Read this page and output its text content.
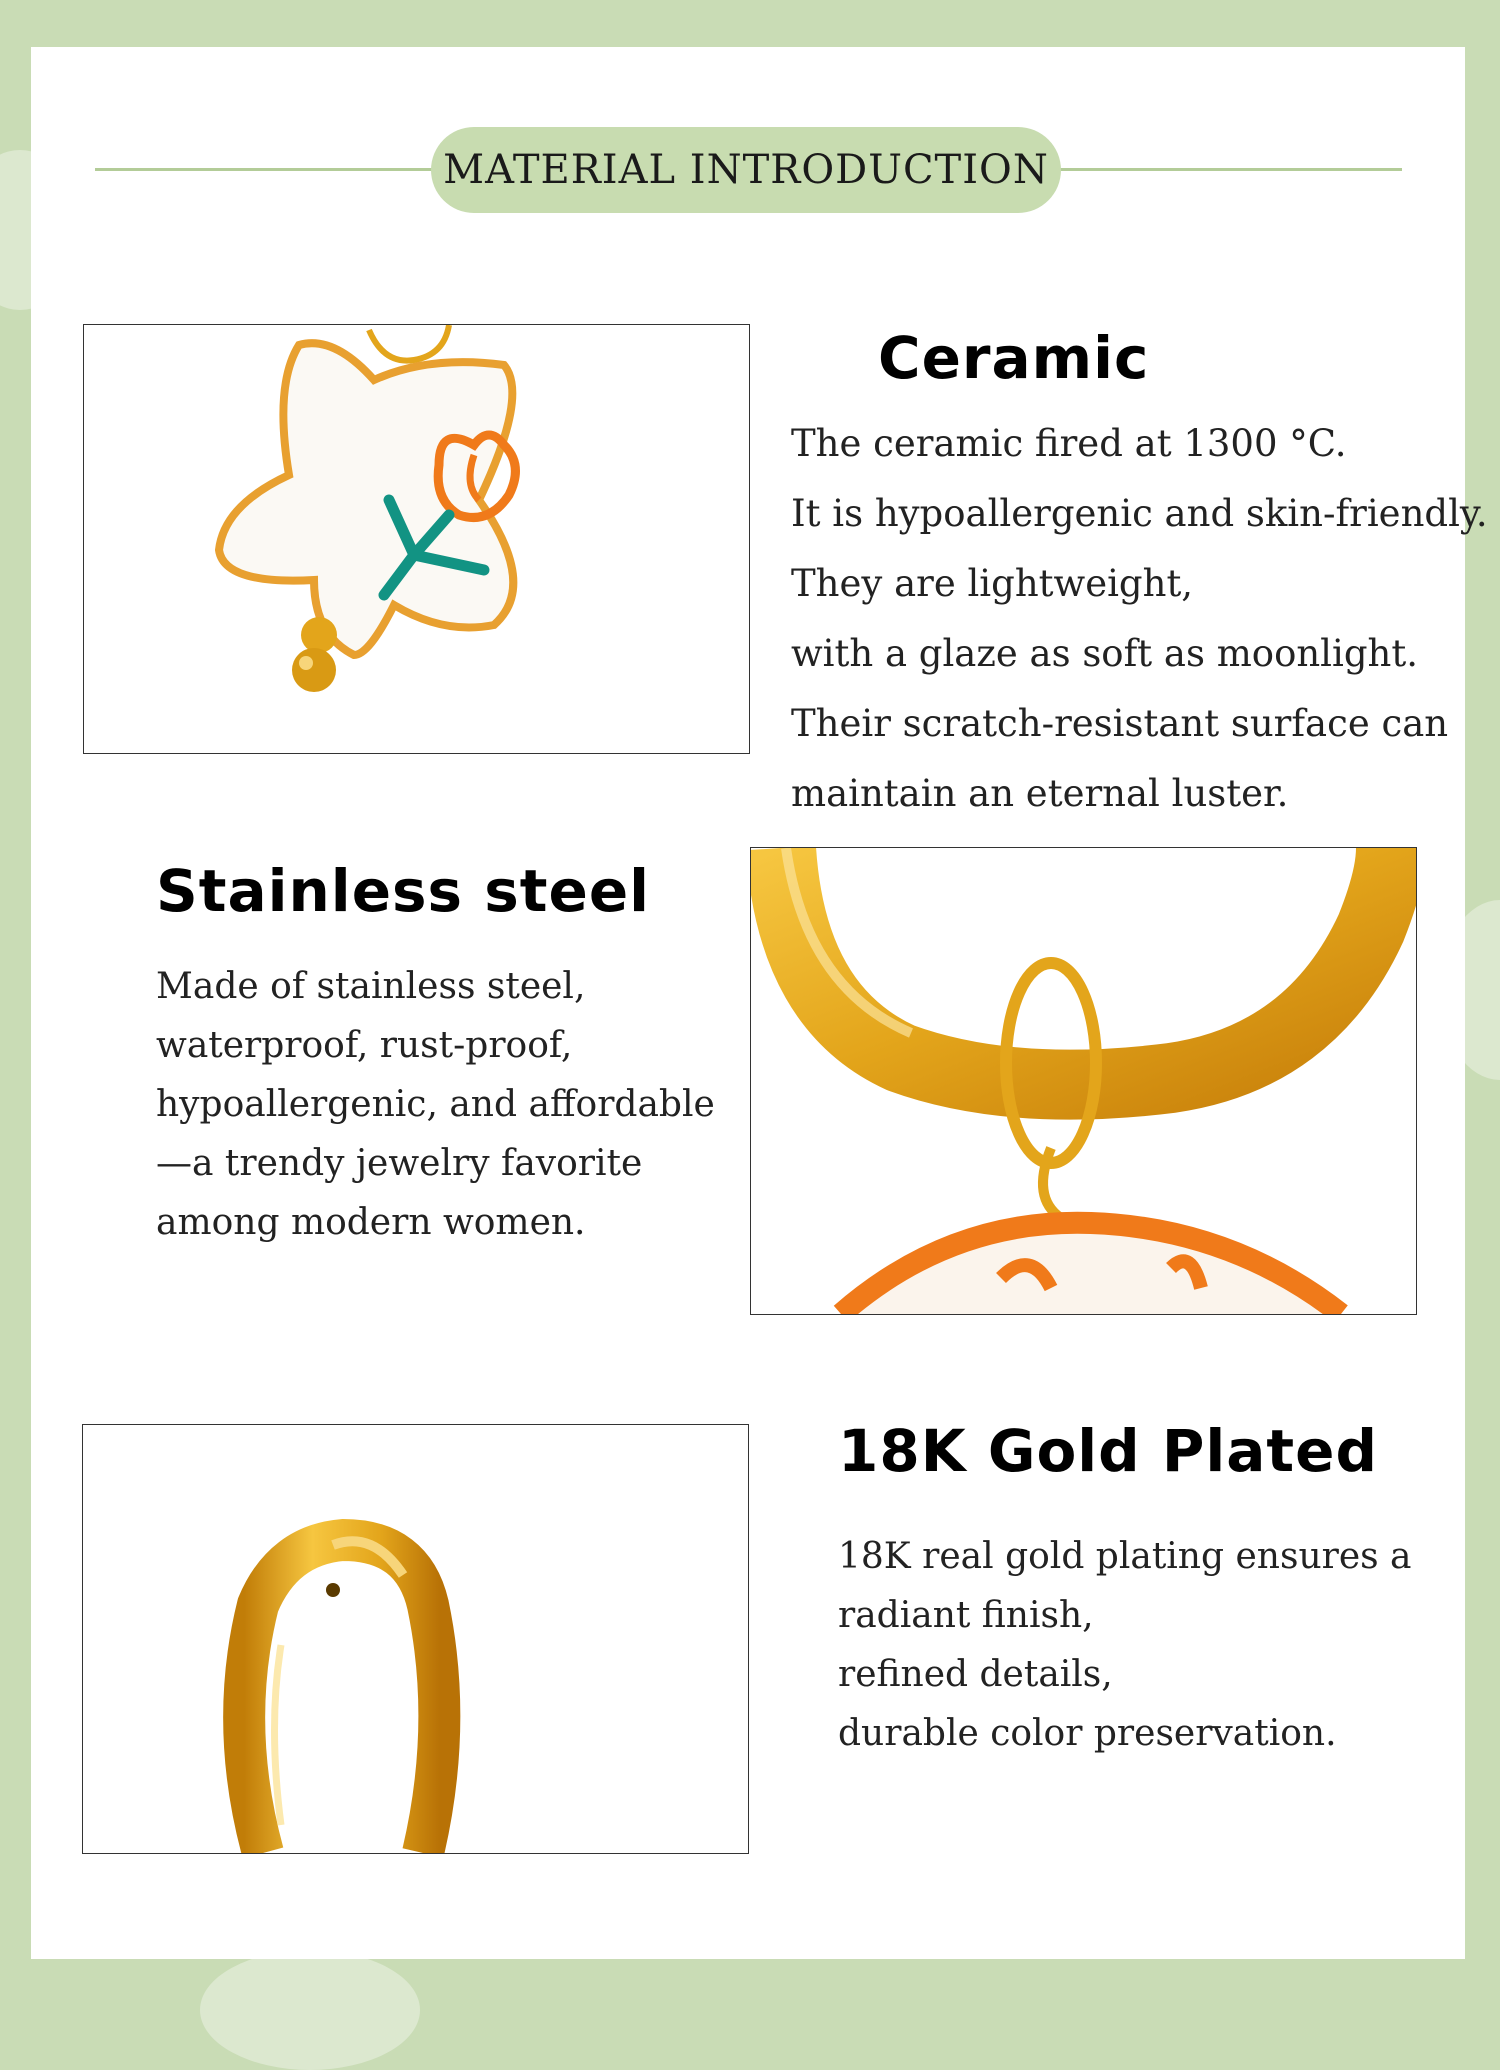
MATERIAL INTRODUCTION
Ceramic
The ceramic fired at 1300 °C.
It is hypoallergenic and skin-friendly.
They are lightweight,
with a glaze as soft as moonlight.
Their scratch-resistant surface can
maintain an eternal luster.
Stainless steel
Made of stainless steel,
waterproof, rust-proof,
hypoallergenic, and affordable
—a trendy jewelry favorite
among modern women.
18K Gold Plated
18K real gold plating ensures a
radiant finish,
refined details,
durable color preservation.
